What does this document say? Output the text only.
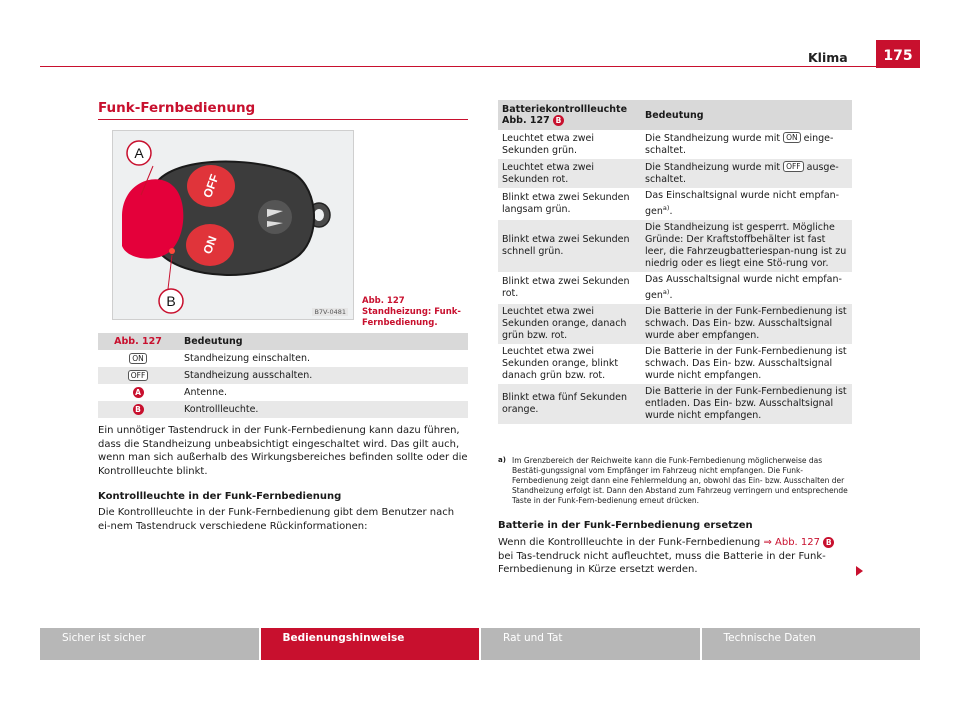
Klima	175
Funk-Fernbedienung
OFF
ON
A
B
B7V-0481
Abb. 127 Standheizung: Funk-Fernbedienung.
Abb. 127	Bedeutung
ON	Standheizung einschalten.
OFF	Standheizung ausschalten.
A	Antenne.
B	Kontrollleuchte.
Ein unnötiger Tastendruck in der Funk-Fernbedienung kann dazu führen, dass die Standheizung unbeabsichtigt eingeschaltet wird. Das gilt auch, wenn man sich außerhalb des Wirkungsbereiches befinden sollte oder die Kontrollleuchte blinkt.
Kontrollleuchte in der Funk-Fernbedienung
Die Kontrollleuchte in der Funk-Fernbedienung gibt dem Benutzer nach ei-nem Tastendruck verschiedene Rückinformationen:
Batteriekontrollleuchte Abb. 127 B	Bedeutung
Leuchtet etwa zwei Sekunden grün.	Die Standheizung wurde mit ON einge-schaltet.
Leuchtet etwa zwei Sekunden rot.	Die Standheizung wurde mit OFF ausge-schaltet.
Blinkt etwa zwei Sekunden langsam grün.	Das Einschaltsignal wurde nicht empfan-gen$^{a)}$.
Blinkt etwa zwei Sekunden schnell grün.	Die Standheizung ist gesperrt. Mögliche Gründe: Der Kraftstoffbehälter ist fast leer, die Fahrzeugbatteriespan-nung ist zu niedrig oder es liegt eine Stö-rung vor.
Blinkt etwa zwei Sekunden rot.	Das Ausschaltsignal wurde nicht empfan-gen$^{a)}$.
Leuchtet etwa zwei Sekunden orange, danach grün bzw. rot.	Die Batterie in der Funk-Fernbedienung ist schwach. Das Ein- bzw. Ausschaltsignal wurde aber empfangen.
Leuchtet etwa zwei Sekunden orange, blinkt danach grün bzw. rot.	Die Batterie in der Funk-Fernbedienung ist schwach. Das Ein- bzw. Ausschaltsignal wurde nicht empfangen.
Blinkt etwa fünf Sekunden orange.	Die Batterie in der Funk-Fernbedienung ist entladen. Das Ein- bzw. Ausschaltsignal wurde nicht empfangen.
a) Im Grenzbereich der Reichweite kann die Funk-Fernbedienung möglicherweise das Bestäti-gungssignal vom Empfänger im Fahrzeug nicht empfangen. Die Funk-Fernbedienung zeigt dann eine Fehlermeldung an, obwohl das Ein- bzw. Ausschalten der Standheizung erfolgt ist. Dann den Abstand zum Fahrzeug verringern und entsprechende Taste in der Funk-Fern-bedienung erneut drücken.
Batterie in der Funk-Fernbedienung ersetzen
Wenn die Kontrollleuchte in der Funk-Fernbedienung ⇒ Abb. 127 B bei Tas-tendruck nicht aufleuchtet, muss die Batterie in der Funk-Fernbedienung in Kürze ersetzt werden.
Sicher ist sicher	Bedienungshinweise	Rat und Tat	Technische Daten
